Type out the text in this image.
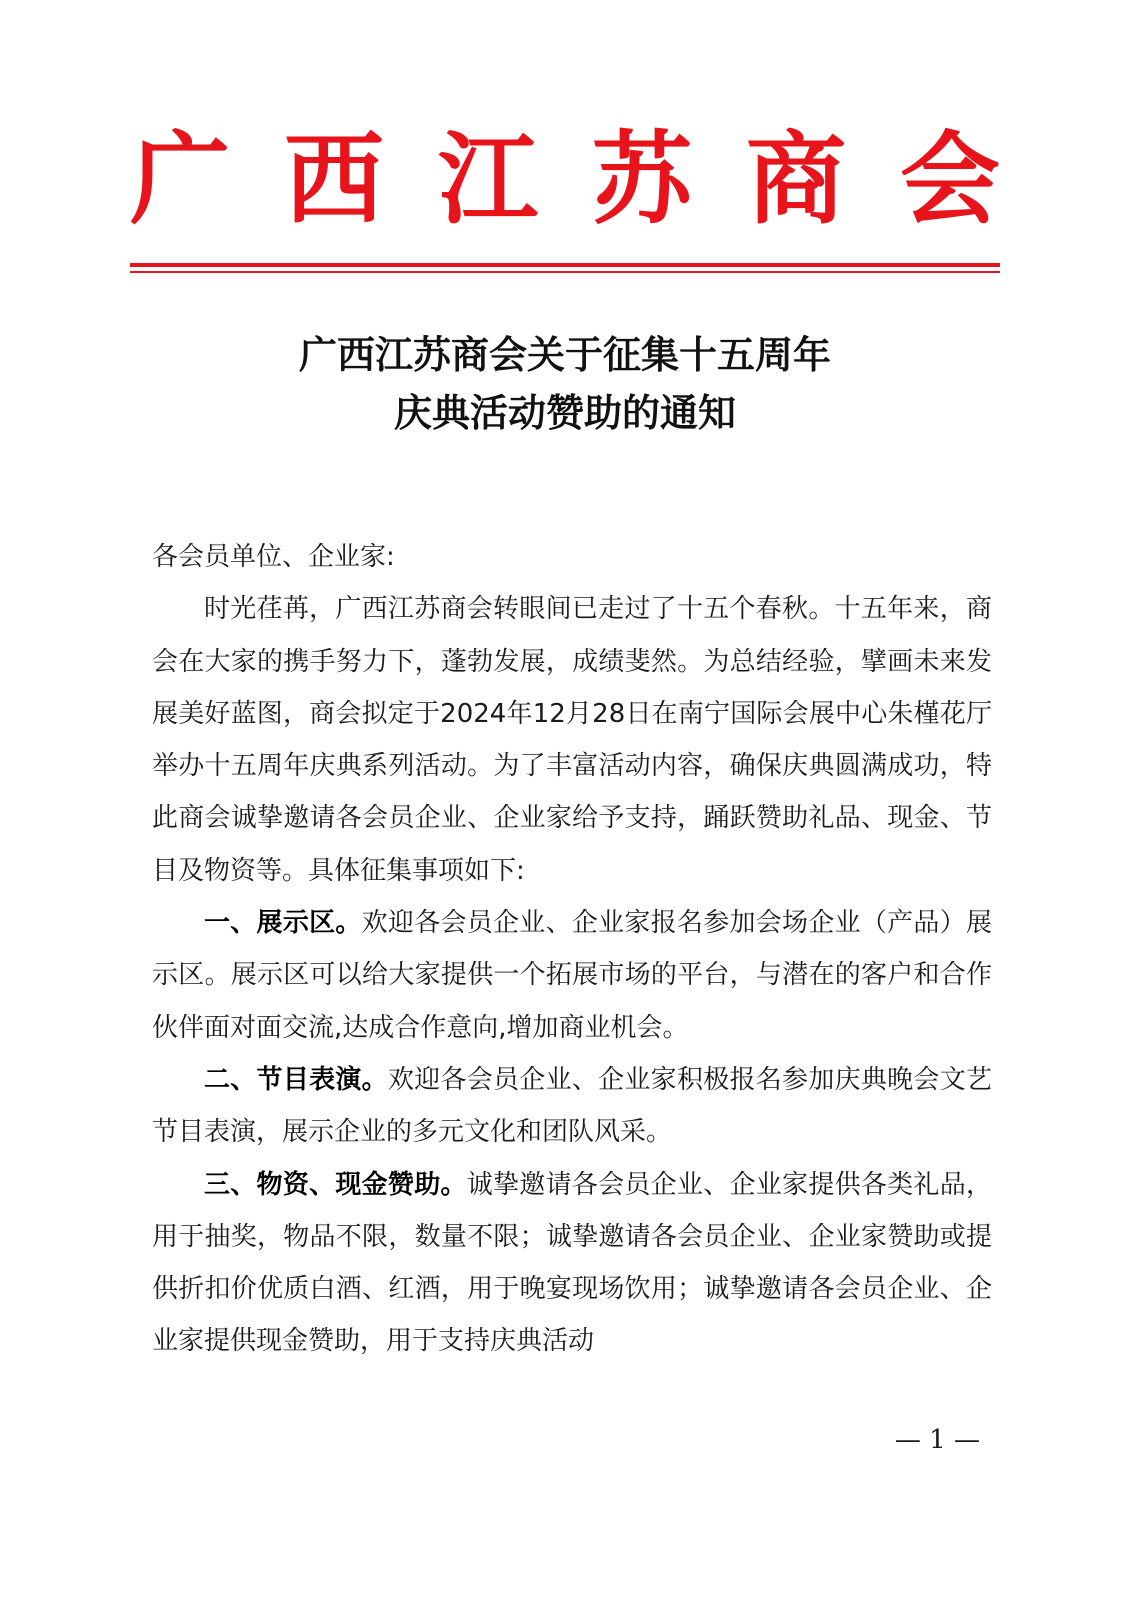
广 西 江 苏 商 会
广西江苏商会关于征集十五周年
庆典活动赞助的通知

各会员单位、企业家:

时光荏苒，广西江苏商会转眼间已走过了十五个春秋。十五年来，商会在大家的携手努力下，蓬勃发展，成绩斐然。为总结经验，擘画未来发展美好蓝图，商会拟定于2024年12月28日在南宁国际会展中心朱槿花厅举办十五周年庆典系列活动。为了丰富活动内容，确保庆典圆满成功，特此商会诚挚邀请各会员企业、企业家给予支持，踊跃赞助礼品、现金、节目及物资等。具体征集事项如下:

一、展示区。欢迎各会员企业、企业家报名参加会场企业（产品）展示区。展示区可以给大家提供一个拓展市场的平台，与潜在的客户和合作伙伴面对面交流,达成合作意向,增加商业机会。

二、节目表演。欢迎各会员企业、企业家积极报名参加庆典晚会文艺节目表演，展示企业的多元文化和团队风采。

三、物资、现金赞助。诚挚邀请各会员企业、企业家提供各类礼品，用于抽奖，物品不限，数量不限；诚挚邀请各会员企业、企业家赞助或提供折扣价优质白酒、红酒，用于晚宴现场饮用；诚挚邀请各会员企业、企业家提供现金赞助，用于支持庆典活动

— 1 —
